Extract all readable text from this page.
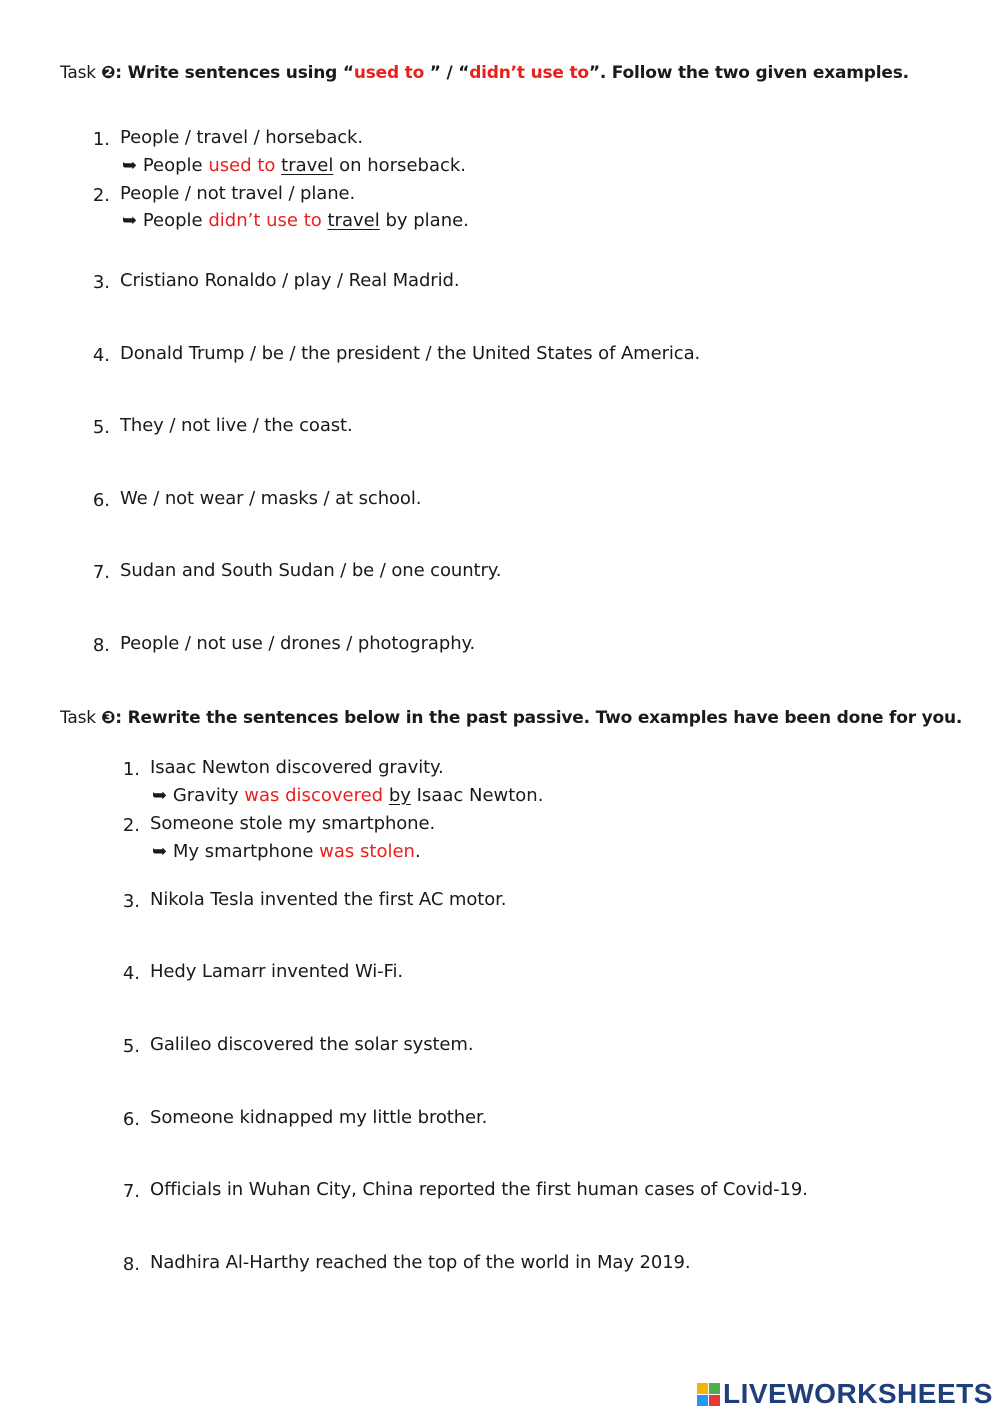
Task ❷: Write sentences using “used to ” / “didn’t use to”. Follow the two given examples.
1. People / travel / horseback.
➥ People used to travel on horseback.
2. People / not travel / plane.
➥ People didn’t use to travel by plane.
3. Cristiano Ronaldo / play / Real Madrid.
4. Donald Trump / be / the president / the United States of America.
5. They / not live / the coast.
6. We / not wear / masks / at school.
7. Sudan and South Sudan / be / one country.
8. People / not use / drones / photography.
Task ❸: Rewrite the sentences below in the past passive. Two examples have been done for you.
1. Isaac Newton discovered gravity.
➥ Gravity was discovered by Isaac Newton.
2. Someone stole my smartphone.
➥ My smartphone was stolen.
3. Nikola Tesla invented the first AC motor.
4. Hedy Lamarr invented Wi-Fi.
5. Galileo discovered the solar system.
6. Someone kidnapped my little brother.
7. Officials in Wuhan City, China reported the first human cases of Covid-19.
8. Nadhira Al-Harthy reached the top of the world in May 2019.
LIVEWORKSHEETS
